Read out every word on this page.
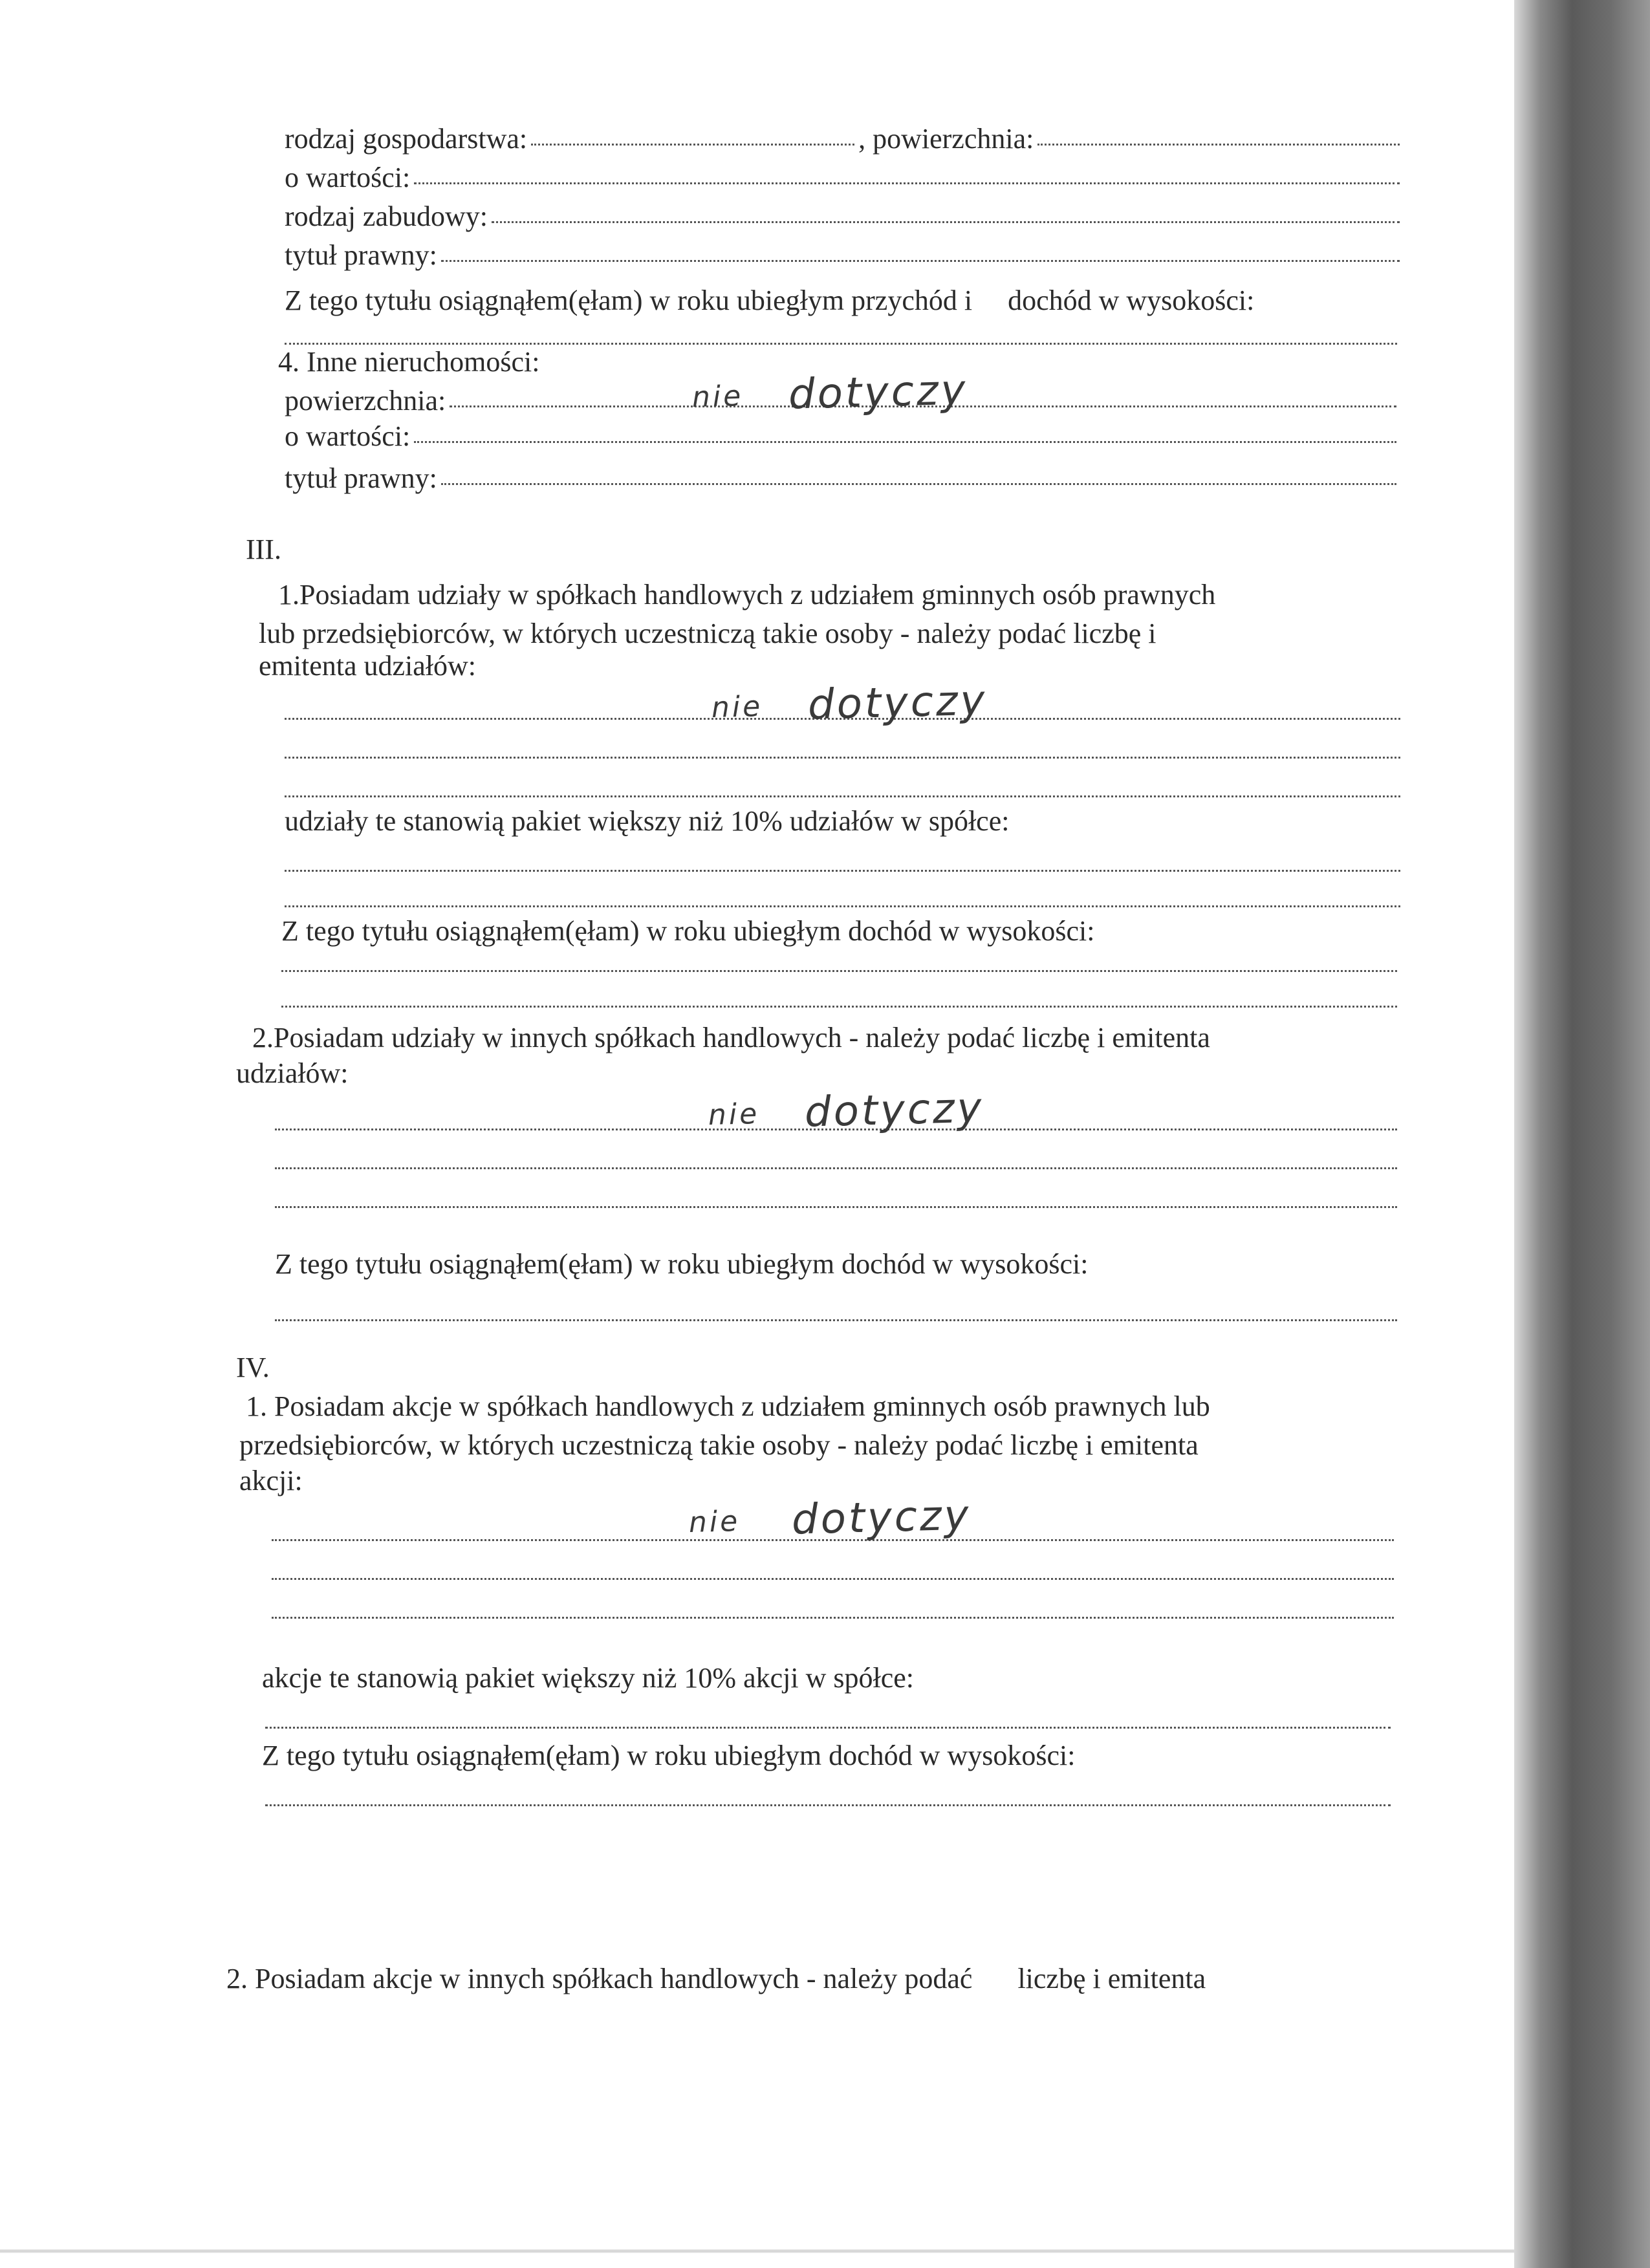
rodzaj gospodarstwa:	, powierzchnia:
o wartości:
rodzaj zabudowy:
tytuł prawny:
Z tego tytułu osiągnąłem(ęłam) w roku ubiegłym przychód i dochód w wysokości:
4. Inne nieruchomości:
powierzchnia:	nie dotyczy
o wartości:
tytuł prawny:
III.
1.Posiadam udziały w spółkach handlowych z udziałem gminnych osób prawnych
lub przedsiębiorców, w których uczestniczą takie osoby - należy podać liczbę i
emitenta udziałów:
nie dotyczy
udziały te stanowią pakiet większy niż 10% udziałów w spółce:
Z tego tytułu osiągnąłem(ęłam) w roku ubiegłym dochód w wysokości:
2.Posiadam udziały w innych spółkach handlowych - należy podać liczbę i emitenta
udziałów:
nie dotyczy
Z tego tytułu osiągnąłem(ęłam) w roku ubiegłym dochód w wysokości:
IV.
1. Posiadam akcje w spółkach handlowych z udziałem gminnych osób prawnych lub
przedsiębiorców, w których uczestniczą takie osoby - należy podać liczbę i emitenta
akcji:
nie dotyczy
akcje te stanowią pakiet większy niż 10% akcji w spółce:
Z tego tytułu osiągnąłem(ęłam) w roku ubiegłym dochód w wysokości:
2. Posiadam akcje w innych spółkach handlowych - należy podać liczbę i emitenta
